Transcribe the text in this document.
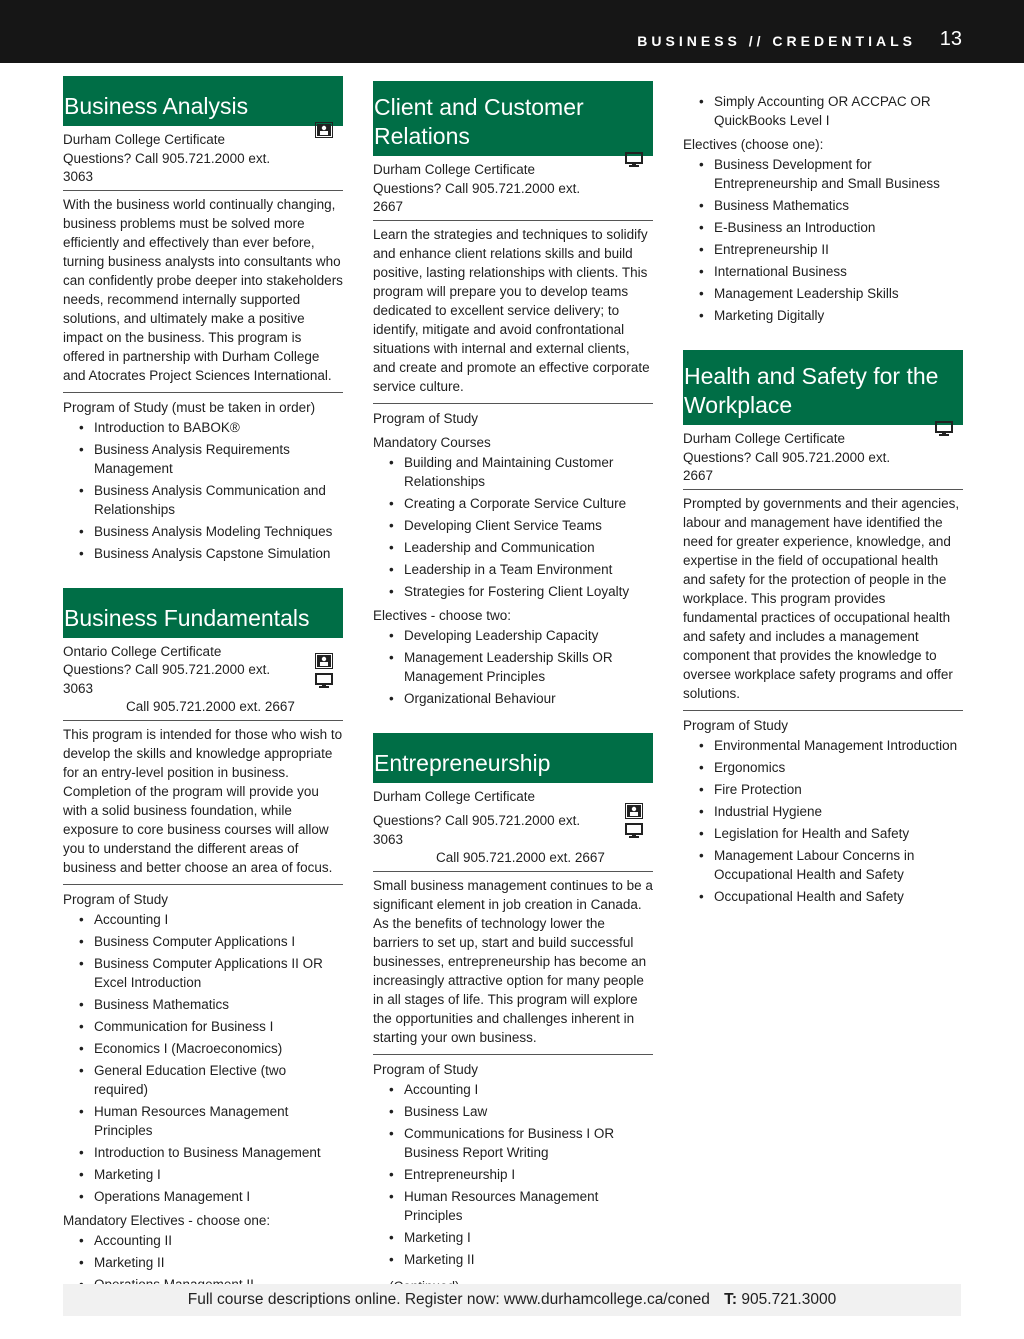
BUSINESS // CREDENTIALS 13
Business Analysis
Durham College Certificate
Questions? Call 905.721.2000 ext. 3063

With the business world continually changing, business problems must be solved more efficiently and effectively than ever before, turning business analysts into consultants who can confidently probe deeper into stakeholders needs, recommend internally supported solutions, and ultimately make a positive impact on the business. This program is offered in partnership with Durham College and Atocrates Project Sciences International.

Program of Study (must be taken in order)
• Introduction to BABOK®
• Business Analysis Requirements Management
• Business Analysis Communication and Relationships
• Business Analysis Modeling Techniques
• Business Analysis Capstone Simulation
Business Fundamentals
Ontario College Certificate
Questions? Call 905.721.2000 ext. 3063
Call 905.721.2000 ext. 2667

This program is intended for those who wish to develop the skills and knowledge appropriate for an entry-level position in business. Completion of the program will provide you with a solid business foundation, while exposure to core business courses will allow you to understand the different areas of business and better choose an area of focus.

Program of Study
• Accounting I
• Business Computer Applications I
• Business Computer Applications II OR Excel Introduction
• Business Mathematics
• Communication for Business I
• Economics I (Macroeconomics)
• General Education Elective (two required)
• Human Resources Management Principles
• Introduction to Business Management
• Marketing I
• Operations Management I
Mandatory Electives - choose one:
• Accounting II
• Marketing II
•
Client and Customer Relations
Durham College Certificate
Questions? Call 905.721.2000 ext. 2667

Learn the strategies and techniques to solidify and enhance client relations skills and build positive, lasting relationships with clients. This program will prepare you to develop teams dedicated to excellent service delivery; to identify, mitigate and avoid confrontational situations with internal and external clients, and create and promote an effective corporate service culture.

Program of Study
Mandatory Courses
• Building and Maintaining Customer Relationships
• Creating a Corporate Service Culture
• Developing Client Service Teams
• Leadership and Communication
• Leadership in a Team Environment
• Strategies for Fostering Client Loyalty
Electives - choose two:
• Developing Leadership Capacity
• Management Leadership Skills OR Management Principles
• Organizational Behaviour
Entrepreneurship
Durham College Certificate
Questions? Call 905.721.2000 ext. 3063
Call 905.721.2000 ext. 2667

Small business management continues to be a significant element in job creation in Canada. As the benefits of technology lower the barriers to set up, start and build successful businesses, entrepreneurship has become an increasingly attractive option for many people in all stages of life. This program will explore the opportunities and challenges inherent in starting your own business.

Program of Study
• Accounting I
• Business Law
• Communications for Business I OR Business Report Writing
• Entrepreneurship I
• Human Resources Management Principles
• Marketing I
• Marketing II
• Simply Accounting OR ACCPAC OR QuickBooks Level I
Electives (choose one):
• Business Development for Entrepreneurship and Small Business
• Business Mathematics
• E-Business an Introduction
• Entrepreneurship II
• International Business
• Management Leadership Skills
• Marketing Digitally
Health and Safety for the Workplace
Durham College Certificate
Questions? Call 905.721.2000 ext. 2667

Prompted by governments and their agencies, labour and management have identified the need for greater experience, knowledge, and expertise in the field of occupational health and safety for the protection of people in the workplace. This program provides fundamental practices of occupational health and safety and includes a management component that provides the knowledge to oversee workplace safety programs and offer solutions.

Program of Study
• Environmental Management Introduction
• Ergonomics
• Fire Protection
• Industrial Hygiene
• Legislation for Health and Safety
• Management Labour Concerns in Occupational Health and Safety
• Occupational Health and Safety
Full course descriptions online. Register now: www.durhamcollege.ca/coned T: 905.721.3000
